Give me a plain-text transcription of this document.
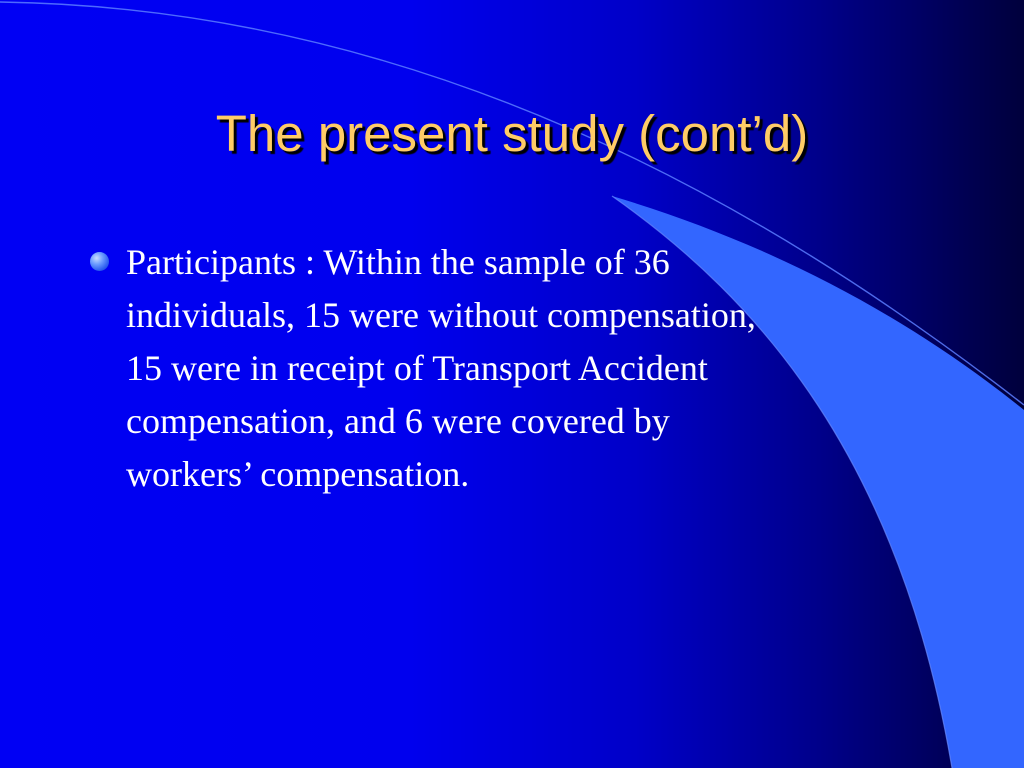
The present study (cont’d)

Participants : Within the sample of 36
individuals, 15 were without compensation,
15 were in receipt of Transport Accident
compensation, and 6 were covered by
workers’ compensation.
